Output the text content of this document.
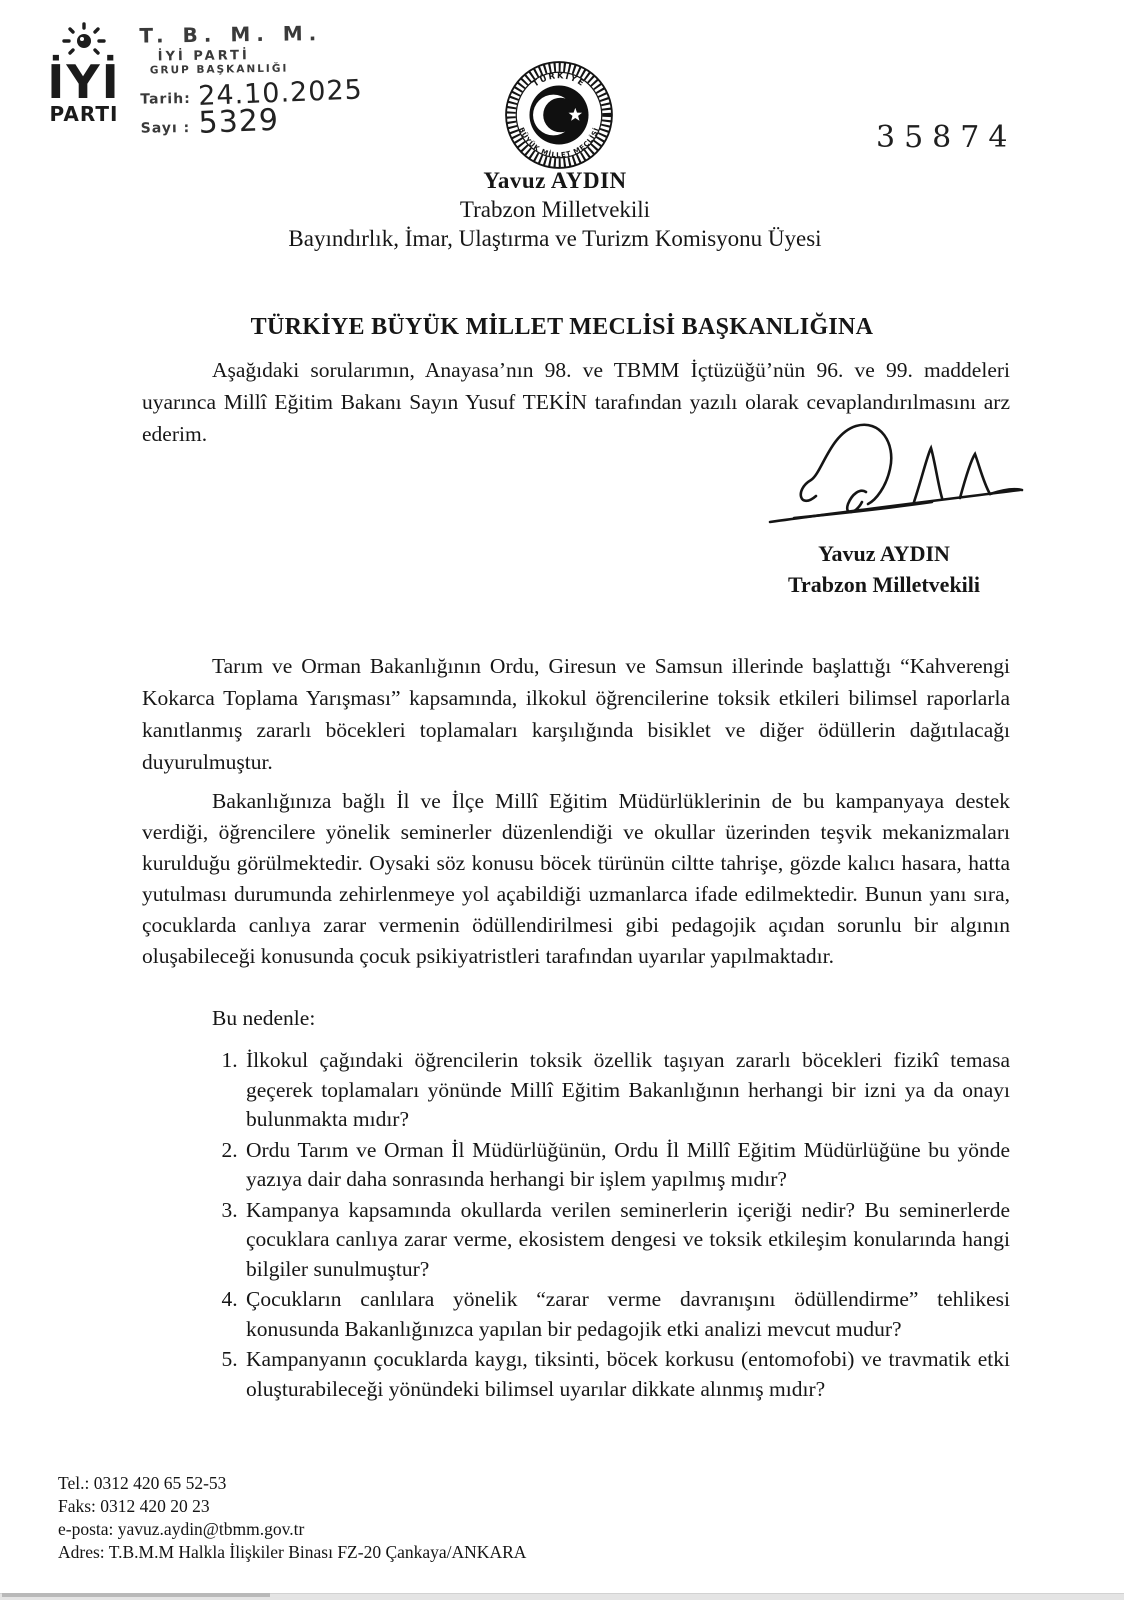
İYİ
PARTI
T. B. M. M.
İYİ PARTİ
GRUP BAŞKANLIĞI
Tarih: 24.10.2025
Sayı : 5329
TÜRKİYE
BÜYÜK MİLLET MECLİSİ	35874
Yavuz AYDIN
Trabzon Milletvekili
Bayındırlık, İmar, Ulaştırma ve Turizm Komisyonu Üyesi
TÜRKİYE BÜYÜK MİLLET MECLİSİ BAŞKANLIĞINA
Aşağıdaki sorularımın, Anayasa’nın 98. ve TBMM İçtüzüğü’nün 96. ve 99. maddeleri uyarınca Millî Eğitim Bakanı Sayın Yusuf TEKİN tarafından yazılı olarak cevaplandırılmasını arz ederim.
Yavuz AYDIN
Trabzon Milletvekili
Tarım ve Orman Bakanlığının Ordu, Giresun ve Samsun illerinde başlattığı “Kahverengi Kokarca Toplama Yarışması” kapsamında, ilkokul öğrencilerine toksik etkileri bilimsel raporlarla kanıtlanmış zararlı böcekleri toplamaları karşılığında bisiklet ve diğer ödüllerin dağıtılacağı duyurulmuştur.
Bakanlığınıza bağlı İl ve İlçe Millî Eğitim Müdürlüklerinin de bu kampanyaya destek verdiği, öğrencilere yönelik seminerler düzenlendiği ve okullar üzerinden teşvik mekanizmaları kurulduğu görülmektedir. Oysaki söz konusu böcek türünün ciltte tahrişe, gözde kalıcı hasara, hatta yutulması durumunda zehirlenmeye yol açabildiği uzmanlarca ifade edilmektedir. Bunun yanı sıra, çocuklarda canlıya zarar vermenin ödüllendirilmesi gibi pedagojik açıdan sorunlu bir algının oluşabileceği konusunda çocuk psikiyatristleri tarafından uyarılar yapılmaktadır.
Bu nedenle:
1. İlkokul çağındaki öğrencilerin toksik özellik taşıyan zararlı böcekleri fizikî temasa geçerek toplamaları yönünde Millî Eğitim Bakanlığının herhangi bir izni ya da onayı bulunmakta mıdır?
2. Ordu Tarım ve Orman İl Müdürlüğünün, Ordu İl Millî Eğitim Müdürlüğüne bu yönde yazıya dair daha sonrasında herhangi bir işlem yapılmış mıdır?
3. Kampanya kapsamında okullarda verilen seminerlerin içeriği nedir? Bu seminerlerde çocuklara canlıya zarar verme, ekosistem dengesi ve toksik etkileşim konularında hangi bilgiler sunulmuştur?
4. Çocukların canlılara yönelik “zarar verme davranışını ödüllendirme” tehlikesi konusunda Bakanlığınızca yapılan bir pedagojik etki analizi mevcut mudur?
5. Kampanyanın çocuklarda kaygı, tiksinti, böcek korkusu (entomofobi) ve travmatik etki oluşturabileceği yönündeki bilimsel uyarılar dikkate alınmış mıdır?
Tel.: 0312 420 65 52-53
Faks: 0312 420 20 23
e-posta: yavuz.aydin@tbmm.gov.tr
Adres: T.B.M.M Halkla İlişkiler Binası FZ-20 Çankaya/ANKARA
